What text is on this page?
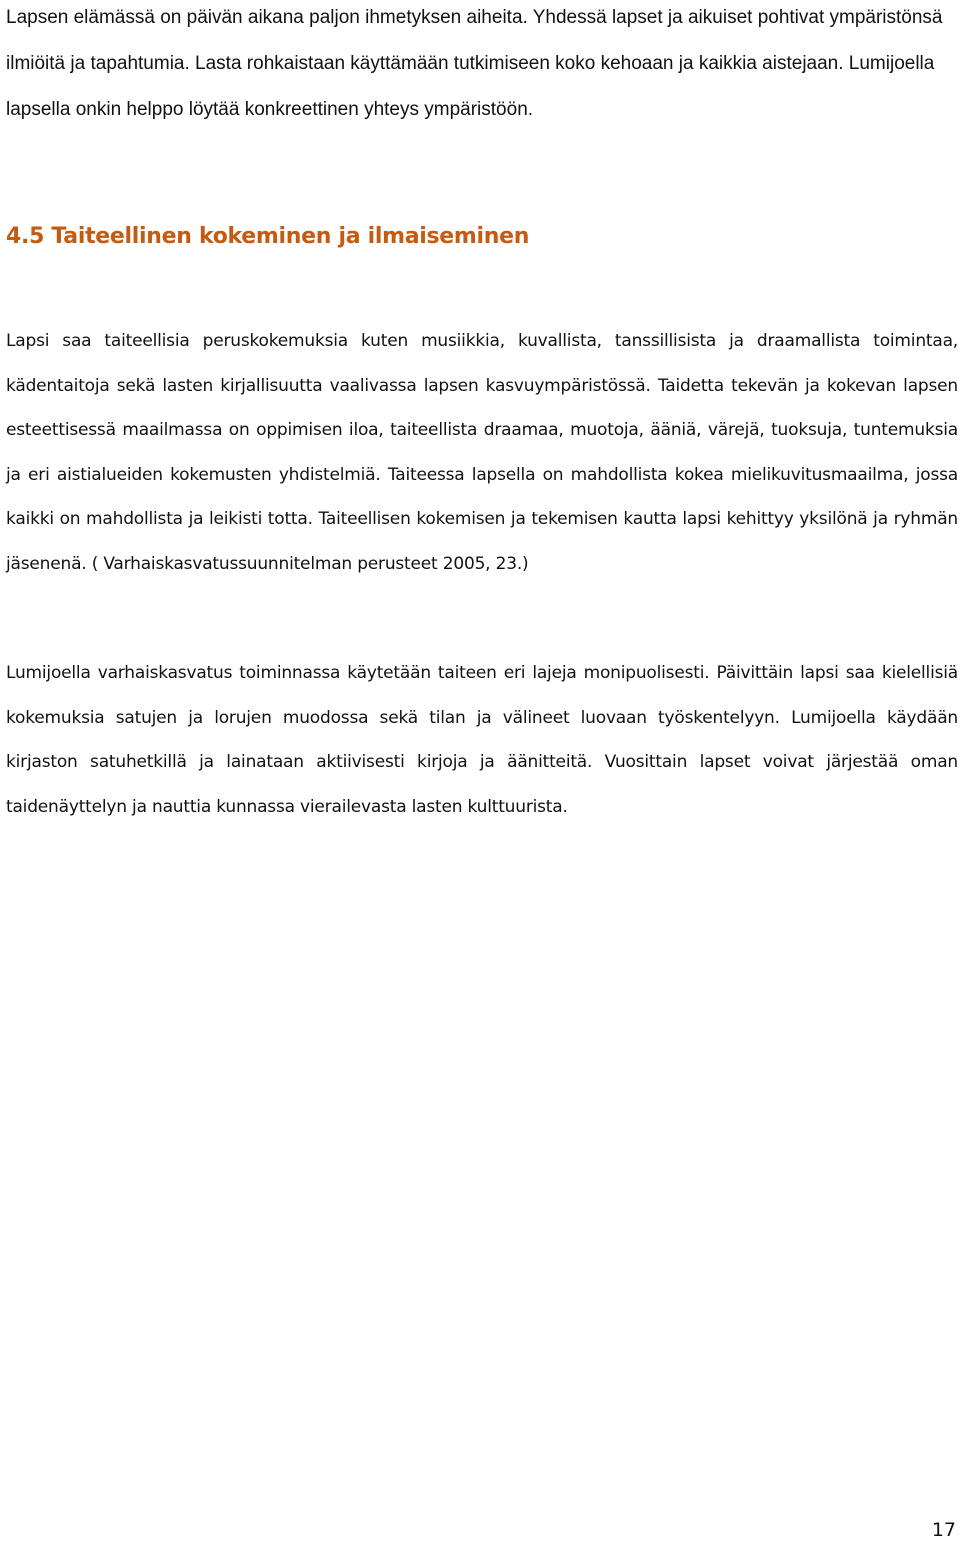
Lapsen elämässä on päivän aikana paljon ihmetyksen aiheita. Yhdessä lapset ja aikuiset pohtivat ympäristönsä ilmiöitä ja tapahtumia. Lasta rohkaistaan käyttämään tutkimiseen koko kehoaan ja kaikkia aistejaan. Lumijoella lapsella onkin helppo löytää konkreettinen yhteys ympäristöön.

4.5 Taiteellinen kokeminen ja ilmaiseminen

Lapsi saa taiteellisia peruskokemuksia kuten musiikkia, kuvallista, tanssillisista ja draamallista toimintaa, kädentaitoja sekä lasten kirjallisuutta vaalivassa lapsen kasvuympäristössä. Taidetta tekevän ja kokevan lapsen esteettisessä maailmassa on oppimisen iloa, taiteellista draamaa, muotoja, ääniä, värejä, tuoksuja, tuntemuksia ja eri aistialueiden kokemusten yhdistelmiä. Taiteessa lapsella on mahdollista kokea mielikuvitusmaailma, jossa kaikki on mahdollista ja leikisti totta. Taiteellisen kokemisen ja tekemisen kautta lapsi kehittyy yksilönä ja ryhmän jäsenenä. ( Varhaiskasvatussuunnitelman perusteet 2005, 23.)

Lumijoella varhaiskasvatus toiminnassa käytetään taiteen eri lajeja monipuolisesti. Päivittäin lapsi saa kielellisiä kokemuksia satujen ja lorujen muodossa sekä tilan ja välineet luovaan työskentelyyn. Lumijoella käydään kirjaston satuhetkillä ja lainataan aktiivisesti kirjoja ja äänitteitä. Vuosittain lapset voivat järjestää oman taidenäyttelyn ja nauttia kunnassa vierailevasta lasten kulttuurista.

17
